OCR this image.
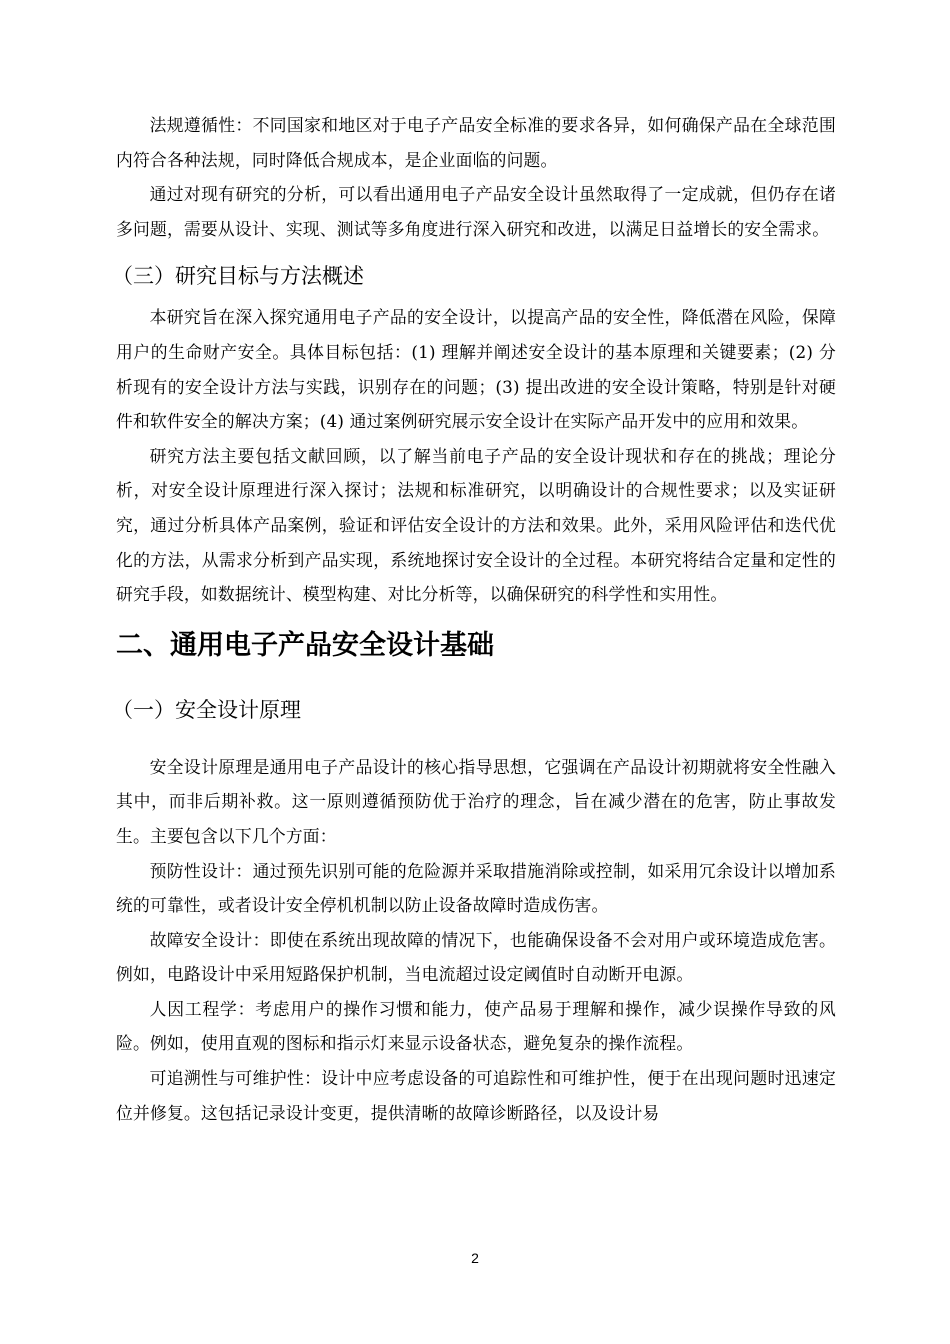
法规遵循性：不同国家和地区对于电子产品安全标准的要求各异，如何确保产品在全球范围内符合各种法规，同时降低合规成本，是企业面临的问题。

通过对现有研究的分析，可以看出通用电子产品安全设计虽然取得了一定成就，但仍存在诸多问题，需要从设计、实现、测试等多角度进行深入研究和改进，以满足日益增长的安全需求。

（三）研究目标与方法概述

本研究旨在深入探究通用电子产品的安全设计，以提高产品的安全性，降低潜在风险，保障用户的生命财产安全。具体目标包括：(1) 理解并阐述安全设计的基本原理和关键要素；(2) 分析现有的安全设计方法与实践，识别存在的问题；(3) 提出改进的安全设计策略，特别是针对硬件和软件安全的解决方案；(4) 通过案例研究展示安全设计在实际产品开发中的应用和效果。

研究方法主要包括文献回顾，以了解当前电子产品的安全设计现状和存在的挑战；理论分析，对安全设计原理进行深入探讨；法规和标准研究，以明确设计的合规性要求；以及实证研究，通过分析具体产品案例，验证和评估安全设计的方法和效果。此外，采用风险评估和迭代优化的方法，从需求分析到产品实现，系统地探讨安全设计的全过程。本研究将结合定量和定性的研究手段，如数据统计、模型构建、对比分析等，以确保研究的科学性和实用性。

二、通用电子产品安全设计基础
（一）安全设计原理

安全设计原理是通用电子产品设计的核心指导思想，它强调在产品设计初期就将安全性融入其中，而非后期补救。这一原则遵循预防优于治疗的理念，旨在减少潜在的危害，防止事故发生。主要包含以下几个方面：

预防性设计：通过预先识别可能的危险源并采取措施消除或控制，如采用冗余设计以增加系统的可靠性，或者设计安全停机机制以防止设备故障时造成伤害。

故障安全设计：即使在系统出现故障的情况下，也能确保设备不会对用户或环境造成危害。例如，电路设计中采用短路保护机制，当电流超过设定阈值时自动断开电源。

人因工程学：考虑用户的操作习惯和能力，使产品易于理解和操作，减少误操作导致的风险。例如，使用直观的图标和指示灯来显示设备状态，避免复杂的操作流程。

可追溯性与可维护性：设计中应考虑设备的可追踪性和可维护性，便于在出现问题时迅速定位并修复。这包括记录设计变更，提供清晰的故障诊断路径，以及设计易

2
